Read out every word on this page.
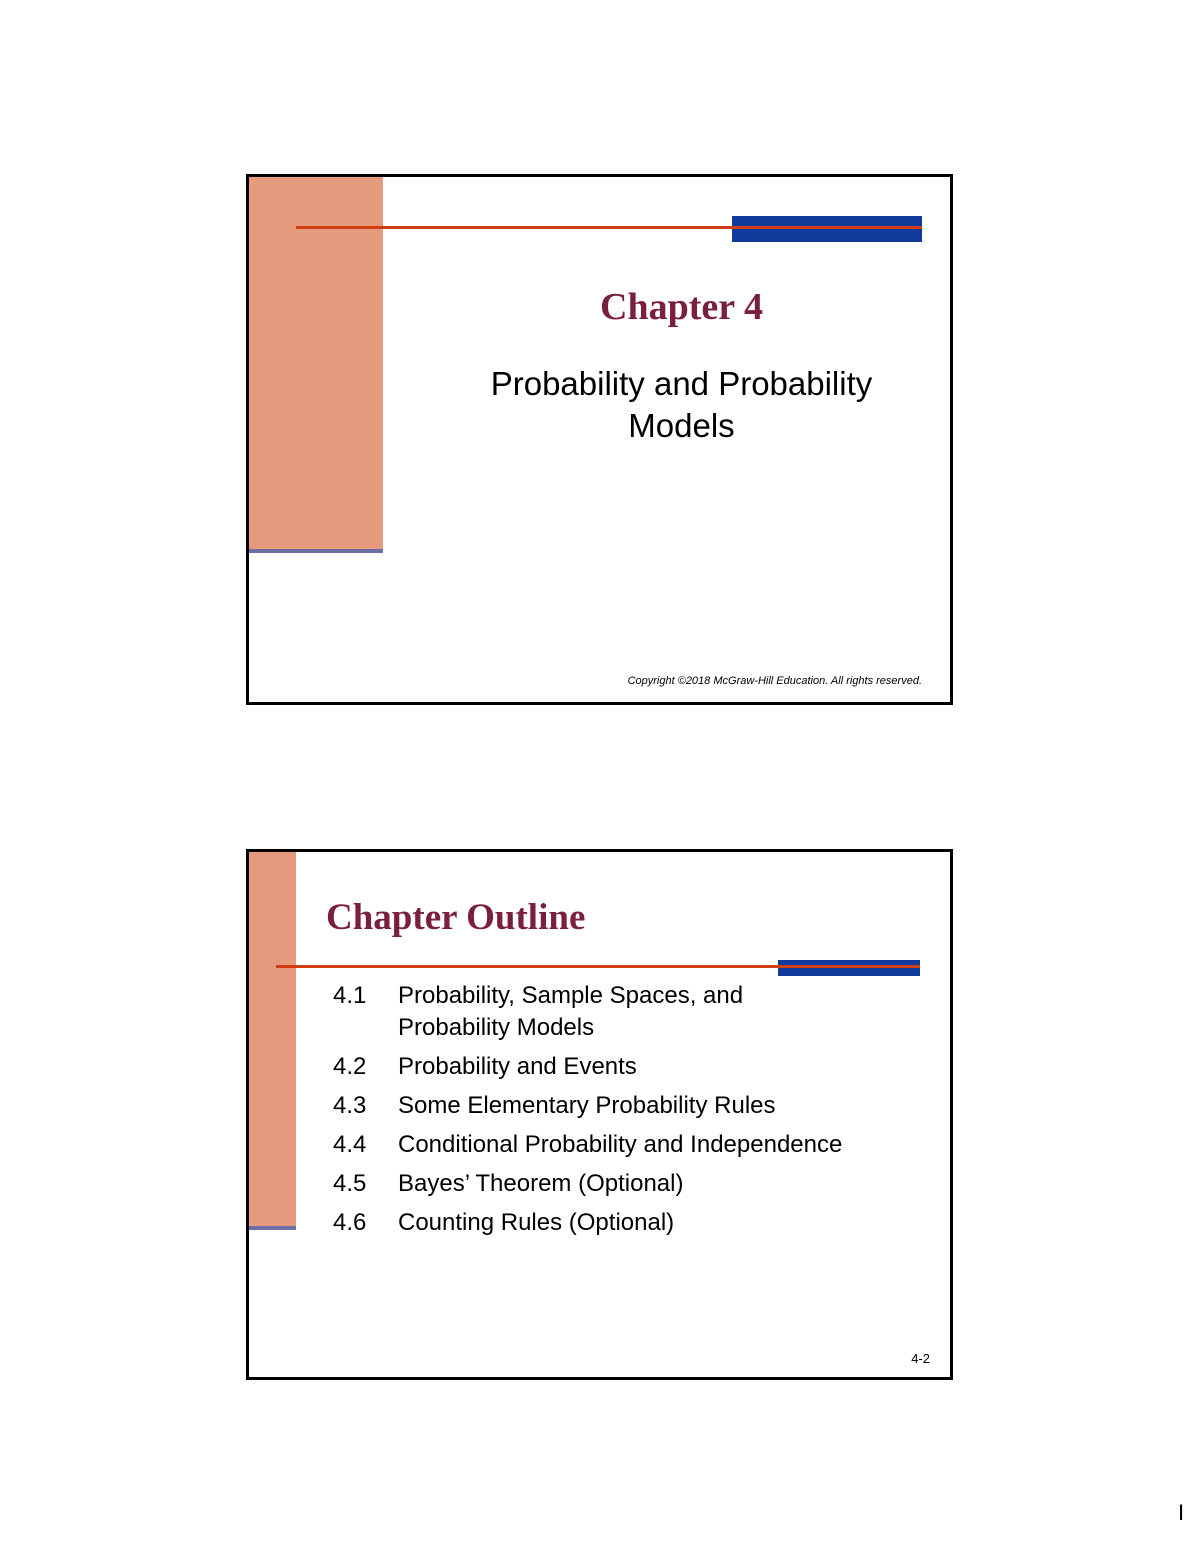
Chapter 4
Probability and Probability
Models

Copyright ©2018 McGraw-Hill Education. All rights reserved.

Chapter Outline
4.1	Probability, Sample Spaces, and
Probability Models
4.2	Probability and Events
4.3	Some Elementary Probability Rules
4.4	Conditional Probability and Independence
4.5	Bayes’ Theorem (Optional)
4.6	Counting Rules (Optional)

4-2

I
